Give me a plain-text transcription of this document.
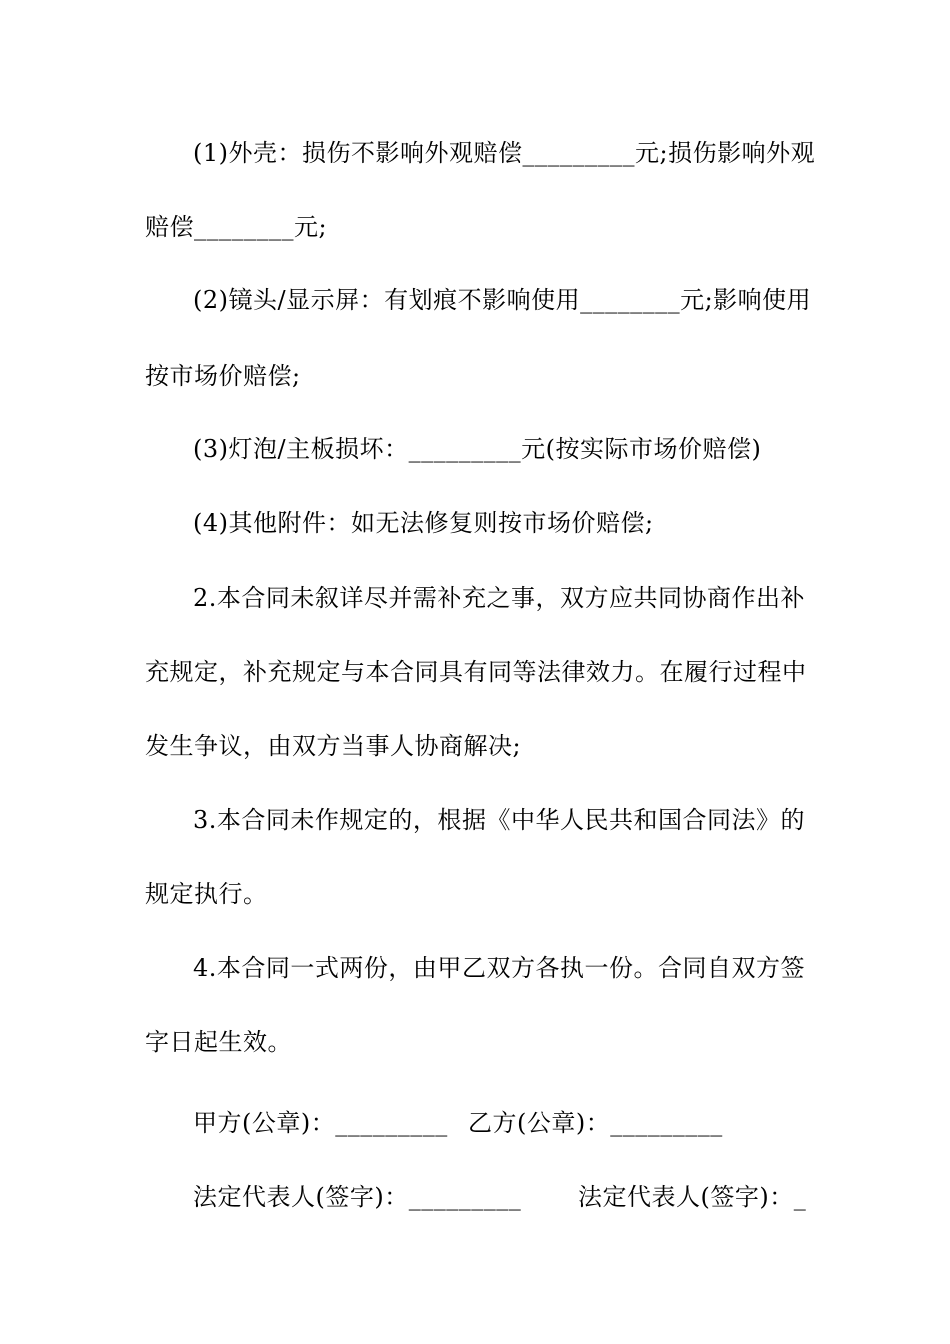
(1)外壳：损伤不影响外观赔偿_________元;损伤影响外观
赔偿________元;
(2)镜头/显示屏：有划痕不影响使用________元;影响使用
按市场价赔偿;
(3)灯泡/主板损坏：_________元(按实际市场价赔偿)
(4)其他附件：如无法修复则按市场价赔偿;
2.本合同未叙详尽并需补充之事，双方应共同协商作出补
充规定，补充规定与本合同具有同等法律效力。在履行过程中
发生争议，由双方当事人协商解决;
3.本合同未作规定的，根据《中华人民共和国合同法》的
规定执行。
4.本合同一式两份，由甲乙双方各执一份。合同自双方签
字日起生效。
甲方(公章)：_________ 乙方(公章)：_________
法定代表人(签字)：_________ 法定代表人(签字)：_
